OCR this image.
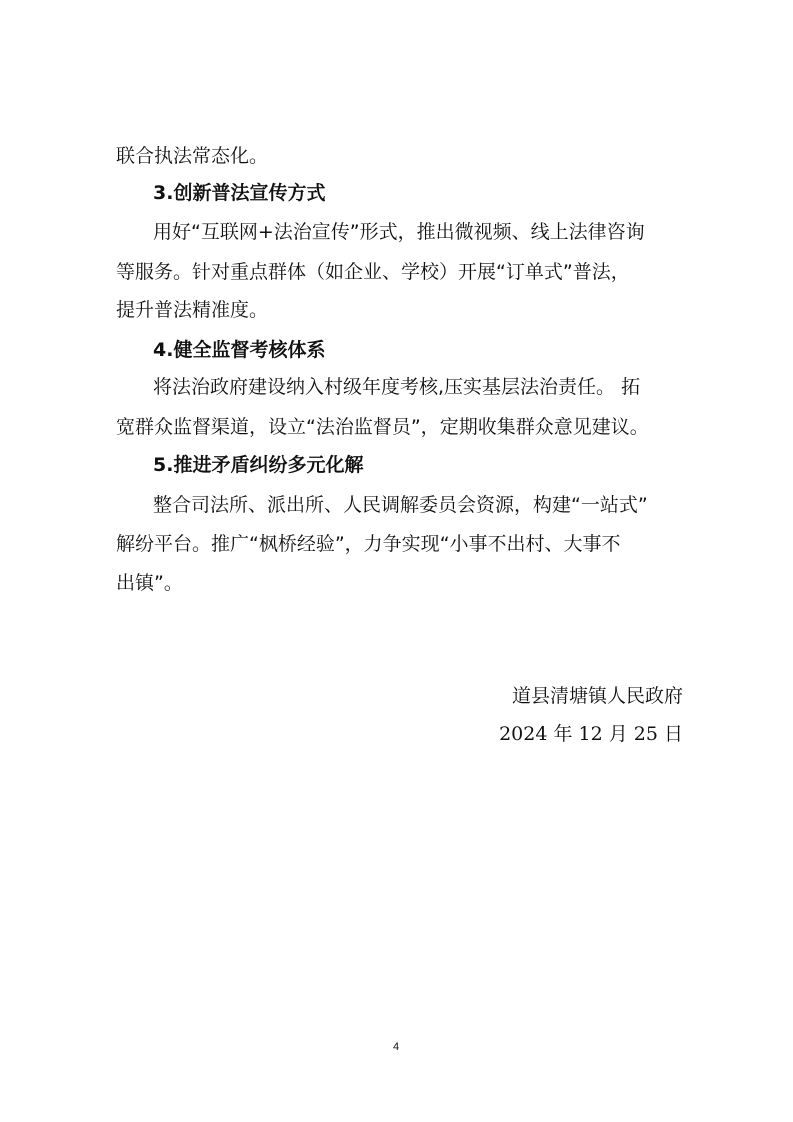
联合执法常态化。
3.创新普法宣传方式
用好“互联网+法治宣传”形式，推出微视频、线上法律咨询
等服务。针对重点群体（如企业、学校）开展“订单式”普法，
提升普法精准度。
4.健全监督考核体系
将法治政府建设纳入村级年度考核,压实基层法治责任。 拓
宽群众监督渠道，设立“法治监督员”，定期收集群众意见建议。
5.推进矛盾纠纷多元化解
整合司法所、派出所、人民调解委员会资源，构建“一站式”
解纷平台。推广“枫桥经验”，力争实现“小事不出村、大事不
出镇”。
道县清塘镇人民政府
2024 年 12 月 25 日
4
